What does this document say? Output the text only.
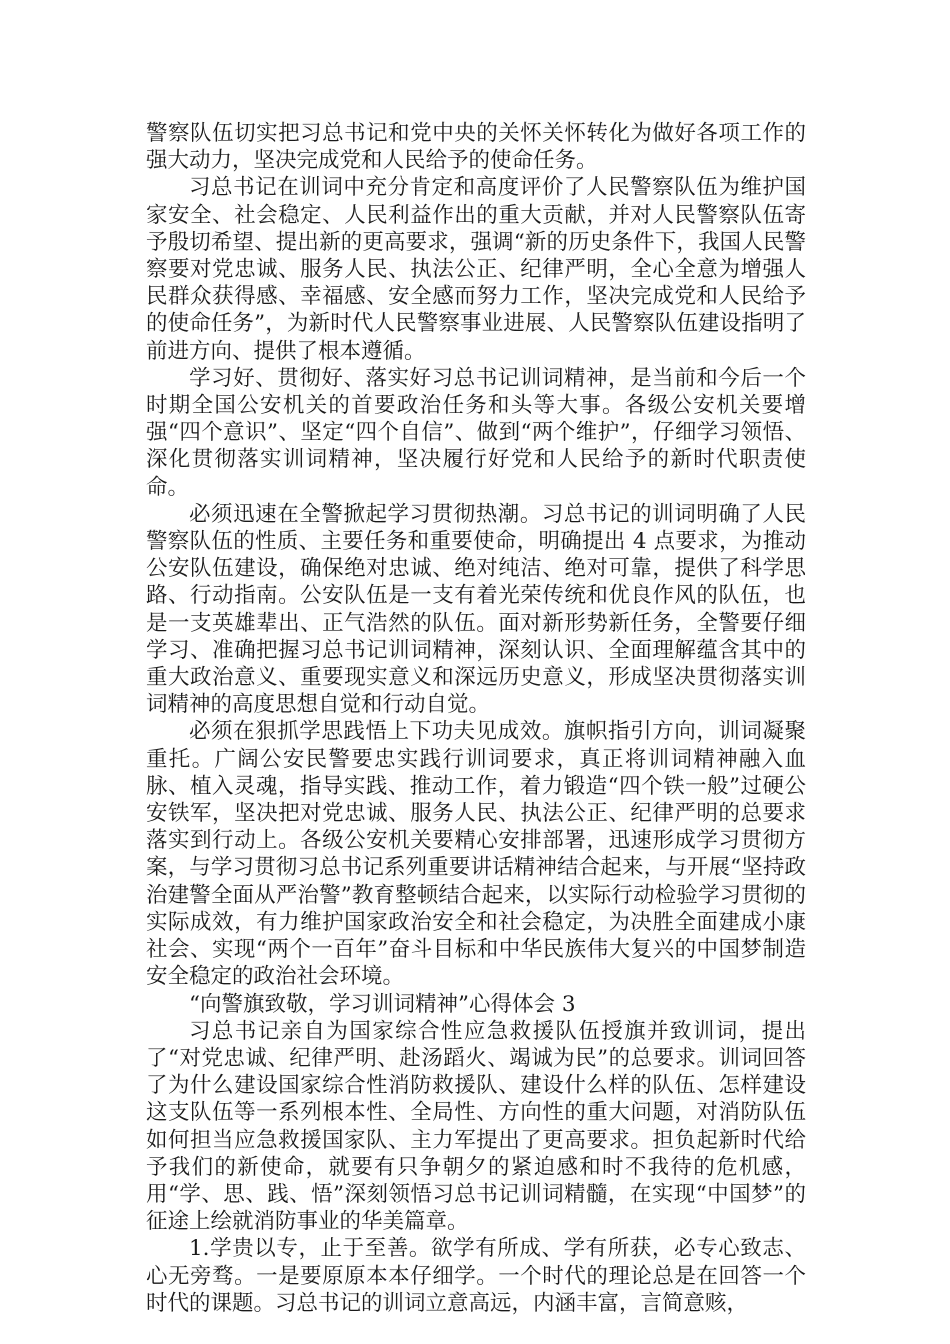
警察队伍切实把习总书记和党中央的关怀关怀转化为做好各项工作的强大动力，坚决完成党和人民给予的使命任务。

习总书记在训词中充分肯定和高度评价了人民警察队伍为维护国家安全、社会稳定、人民利益作出的重大贡献，并对人民警察队伍寄予殷切希望、提出新的更高要求，强调“新的历史条件下，我国人民警察要对党忠诚、服务人民、执法公正、纪律严明，全心全意为增强人民群众获得感、幸福感、安全感而努力工作，坚决完成党和人民给予的使命任务”，为新时代人民警察事业进展、人民警察队伍建设指明了前进方向、提供了根本遵循。

学习好、贯彻好、落实好习总书记训词精神，是当前和今后一个时期全国公安机关的首要政治任务和头等大事。各级公安机关要增强“四个意识”、坚定“四个自信”、做到“两个维护”，仔细学习领悟、深化贯彻落实训词精神，坚决履行好党和人民给予的新时代职责使命。

必须迅速在全警掀起学习贯彻热潮。习总书记的训词明确了人民警察队伍的性质、主要任务和重要使命，明确提出 4 点要求，为推动公安队伍建设，确保绝对忠诚、绝对纯洁、绝对可靠，提供了科学思路、行动指南。公安队伍是一支有着光荣传统和优良作风的队伍，也是一支英雄辈出、正气浩然的队伍。面对新形势新任务，全警要仔细学习、准确把握习总书记训词精神，深刻认识、全面理解蕴含其中的重大政治意义、重要现实意义和深远历史意义，形成坚决贯彻落实训词精神的高度思想自觉和行动自觉。

必须在狠抓学思践悟上下功夫见成效。旗帜指引方向，训词凝聚重托。广阔公安民警要忠实践行训词要求，真正将训词精神融入血脉、植入灵魂，指导实践、推动工作，着力锻造“四个铁一般”过硬公安铁军，坚决把对党忠诚、服务人民、执法公正、纪律严明的总要求落实到行动上。各级公安机关要精心安排部署，迅速形成学习贯彻方案，与学习贯彻习总书记系列重要讲话精神结合起来，与开展“坚持政治建警全面从严治警”教育整顿结合起来，以实际行动检验学习贯彻的实际成效，有力维护国家政治安全和社会稳定，为决胜全面建成小康社会、实现“两个一百年”奋斗目标和中华民族伟大复兴的中国梦制造安全稳定的政治社会环境。

“向警旗致敬，学习训词精神”心得体会 3

习总书记亲自为国家综合性应急救援队伍授旗并致训词，提出了“对党忠诚、纪律严明、赴汤蹈火、竭诚为民”的总要求。训词回答了为什么建设国家综合性消防救援队、建设什么样的队伍、怎样建设这支队伍等一系列根本性、全局性、方向性的重大问题，对消防队伍如何担当应急救援国家队、主力军提出了更高要求。担负起新时代给予我们的新使命，就要有只争朝夕的紧迫感和时不我待的危机感，用“学、思、践、悟”深刻领悟习总书记训词精髓，在实现“中国梦”的征途上绘就消防事业的华美篇章。

1.学贵以专，止于至善。欲学有所成、学有所获，必专心致志、心无旁骛。一是要原原本本仔细学。一个时代的理论总是在回答一个时代的课题。习总书记的训词立意高远，内涵丰富，言简意赅，
